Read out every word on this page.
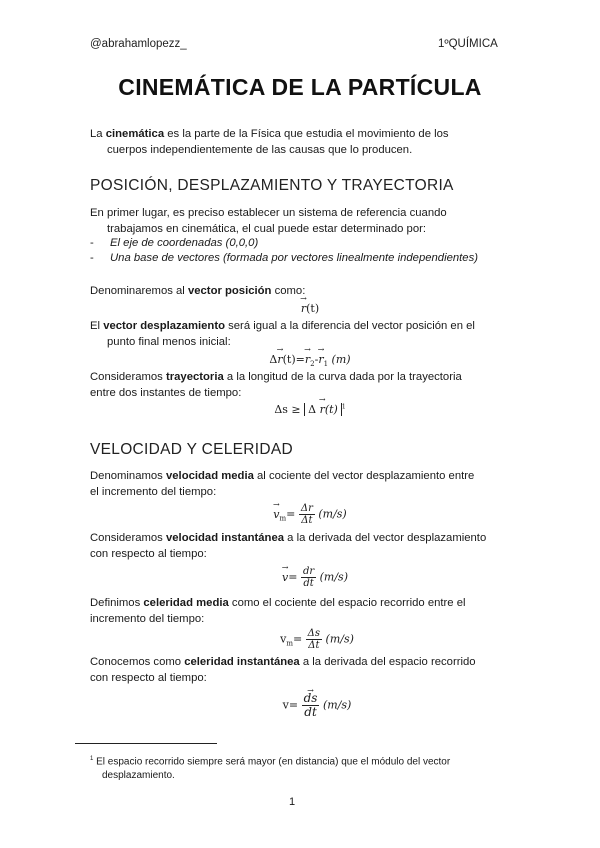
@abrahamlopezz_	1ºQUÍMICA
CINEMÁTICA DE LA PARTÍCULA
La cinemática es la parte de la Física que estudia el movimiento de los
cuerpos independientemente de las causas que lo producen.
POSICIÓN, DESPLAZAMIENTO Y TRAYECTORIA
En primer lugar, es preciso establecer un sistema de referencia cuando
trabajamos en cinemática, el cual puede estar determinado por:
- El eje de coordenadas (0,0,0)
- Una base de vectores (formada por vectores linealmente independientes)
Denominaremos al vector posición como:
→ r(t)
El vector desplazamiento será igual a la diferencia del vector posición en el
punto final menos inicial:
$\Delta\to r(t)=\to r_2-\to r_1$ (m)
Consideramos trayectoria a la longitud de la curva dada por la trayectoria
entre dos instantes de tiempo:
Δs ≥ Δ → r(t) $^1$
VELOCIDAD Y CELERIDAD
Denominamos velocidad media al cociente del vector desplazamiento entre
el incremento del tiempo:
→ $v_m= \frac{\Delta r}{\Delta t} (m/s)$
Consideramos velocidad instantánea a la derivada del vector desplazamiento
con respecto al tiempo:
→ $v= \frac{dr}{dt} (m/s)$
Definimos celeridad media como el cociente del espacio recorrido entre el
incremento del tiempo:
$v_m= \frac{\Delta s}{\Delta t} (m/s)$
Conocemos como celeridad instantánea a la derivada del espacio recorrido
con respecto al tiempo:
v=
→ $\frac{ds}{dt} (m/s)$
$^1$ El espacio recorrido siempre será mayor (en distancia) que el módulo del vector
desplazamiento.
1
